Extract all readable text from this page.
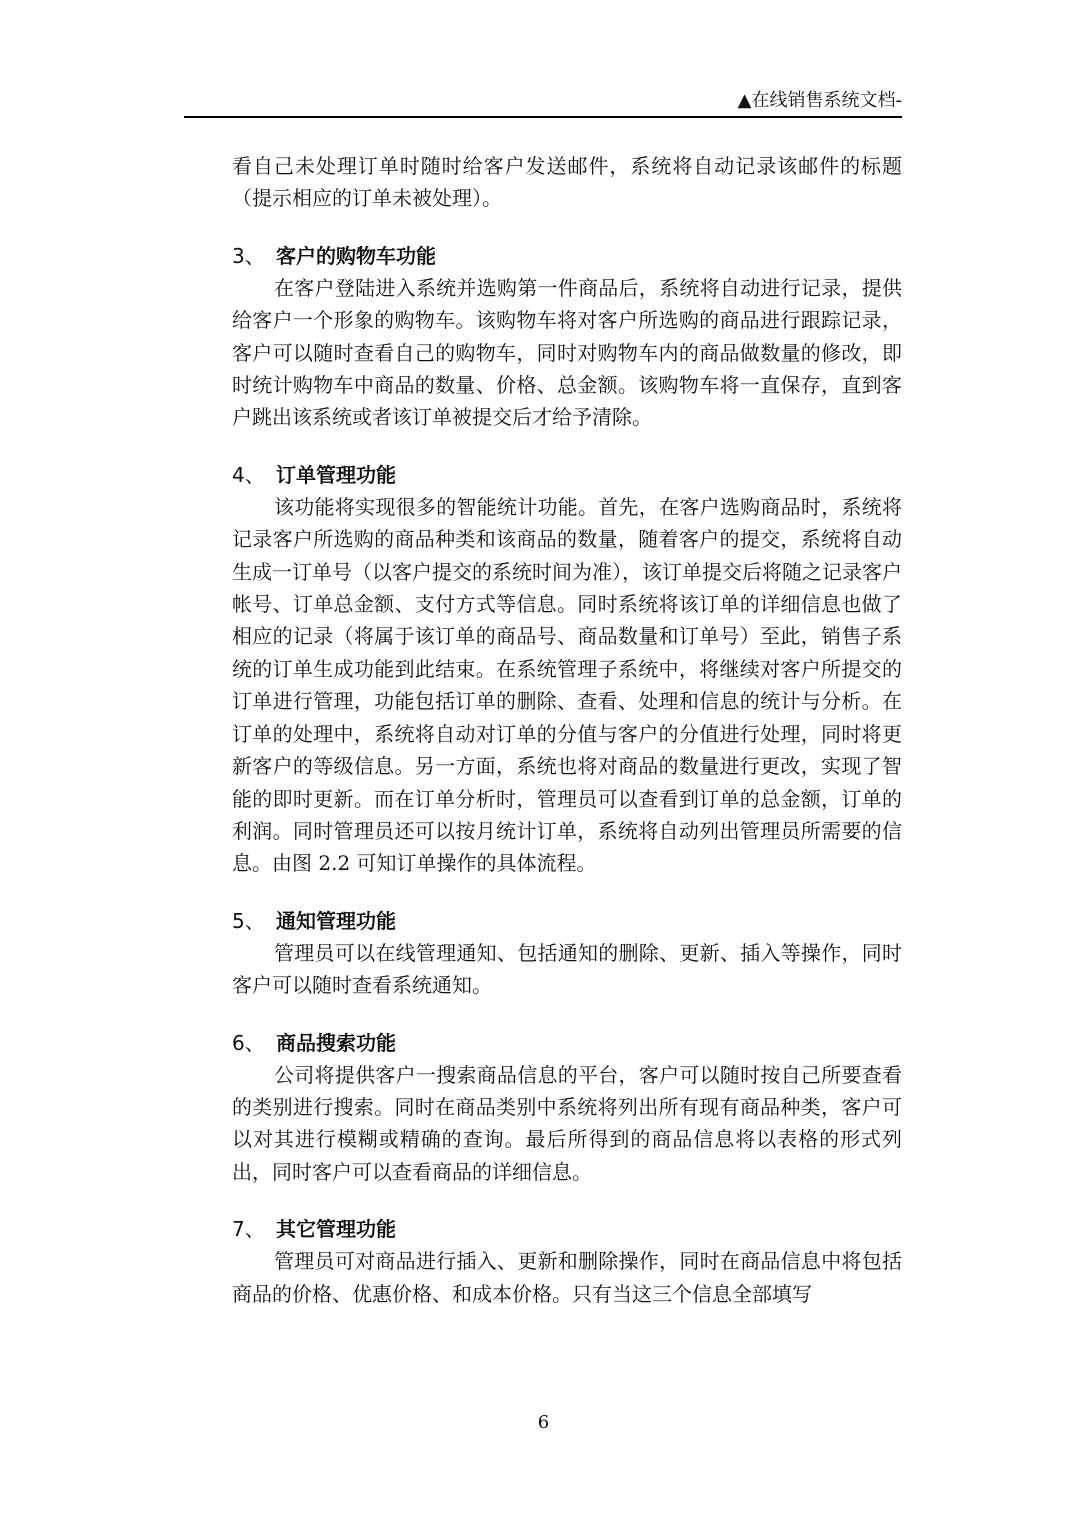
▲在线销售系统文档-

看自己未处理订单时随时给客户发送邮件，系统将自动记录该邮件的标题（提示相应的订单未被处理）。

3、 客户的购物车功能

在客户登陆进入系统并选购第一件商品后，系统将自动进行记录，提供给客户一个形象的购物车。该购物车将对客户所选购的商品进行跟踪记录，客户可以随时查看自己的购物车，同时对购物车内的商品做数量的修改，即时统计购物车中商品的数量、价格、总金额。该购物车将一直保存，直到客户跳出该系统或者该订单被提交后才给予清除。

4、 订单管理功能

该功能将实现很多的智能统计功能。首先，在客户选购商品时，系统将记录客户所选购的商品种类和该商品的数量，随着客户的提交，系统将自动生成一订单号（以客户提交的系统时间为准），该订单提交后将随之记录客户帐号、订单总金额、支付方式等信息。同时系统将该订单的详细信息也做了相应的记录（将属于该订单的商品号、商品数量和订单号）至此，销售子系统的订单生成功能到此结束。在系统管理子系统中，将继续对客户所提交的订单进行管理，功能包括订单的删除、查看、处理和信息的统计与分析。在订单的处理中，系统将自动对订单的分值与客户的分值进行处理，同时将更新客户的等级信息。另一方面，系统也将对商品的数量进行更改，实现了智能的即时更新。而在订单分析时，管理员可以查看到订单的总金额，订单的利润。同时管理员还可以按月统计订单，系统将自动列出管理员所需要的信息。由图 2.2 可知订单操作的具体流程。

5、 通知管理功能

管理员可以在线管理通知、包括通知的删除、更新、插入等操作，同时客户可以随时查看系统通知。

6、 商品搜索功能

公司将提供客户一搜索商品信息的平台，客户可以随时按自己所要查看的类别进行搜索。同时在商品类别中系统将列出所有现有商品种类，客户可以对其进行模糊或精确的查询。最后所得到的商品信息将以表格的形式列出，同时客户可以查看商品的详细信息。

7、 其它管理功能

管理员可对商品进行插入、更新和删除操作，同时在商品信息中将包括商品的价格、优惠价格、和成本价格。只有当这三个信息全部填写

6
